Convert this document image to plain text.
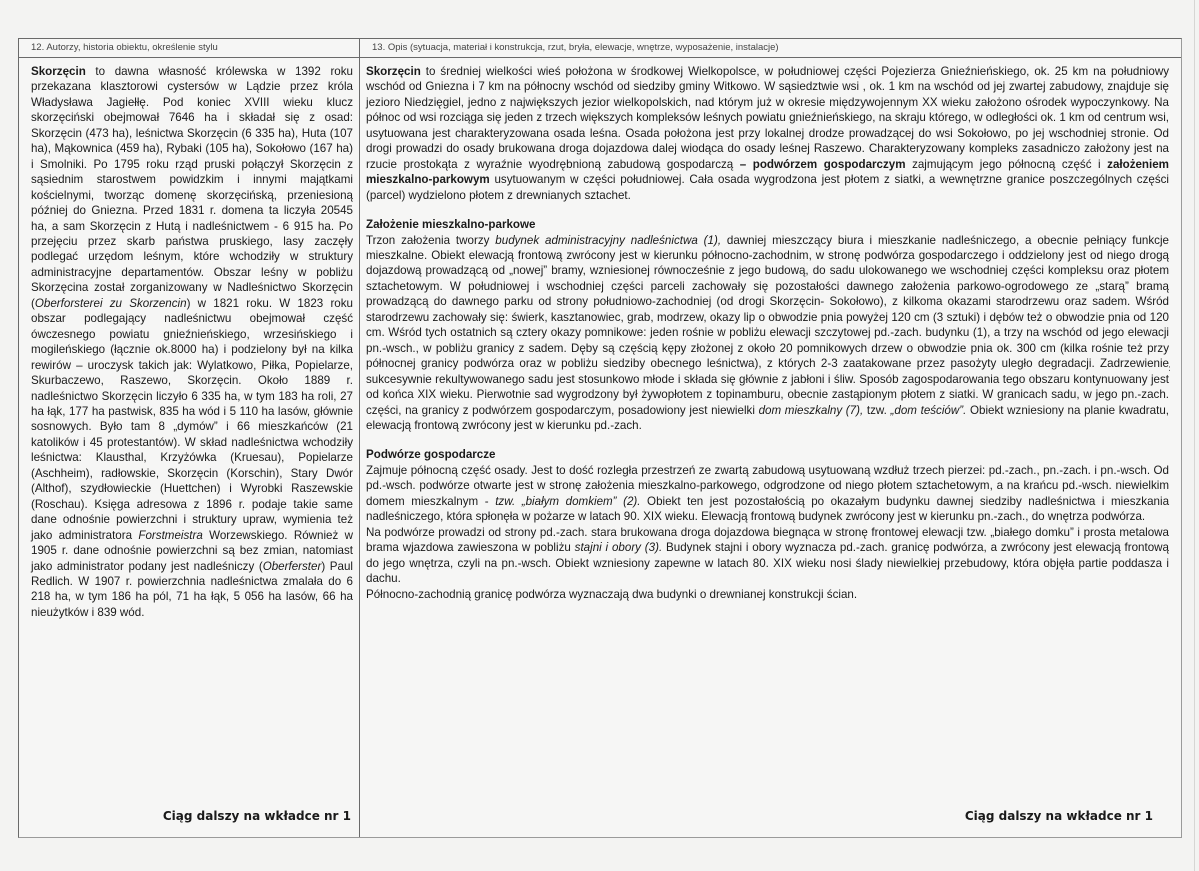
12. Autorzy, historia obiektu, określenie stylu

Skorzęcin to dawna własność królewska w 1392 roku przekazana klasztorowi cystersów w Lądzie przez króla Władysława Jagiełłę. Pod koniec XVIII wieku klucz skorzęciński obejmował 7646 ha i składał się z osad: Skorzęcin (473 ha), leśnictwa Skorzęcin (6 335 ha), Huta (107 ha), Mąkownica (459 ha), Rybaki (105 ha), Sokołowo (167 ha) i Smolniki. Po 1795 roku rząd pruski połączył Skorzęcin z sąsiednim starostwem powidzkim i innymi majątkami kościelnymi, tworząc domenę skorzęcińską, przeniesioną później do Gniezna. Przed 1831 r. domena ta liczyła 20545 ha, a sam Skorzęcin z Hutą i nadleśnictwem - 6 915 ha. Po przejęciu przez skarb państwa pruskiego, lasy zaczęły podlegać urzędom leśnym, które wchodziły w struktury administracyjne departamentów. Obszar leśny w pobliżu Skorzęcina został zorganizowany w Nadleśnictwo Skorzęcin (Oberforsterei zu Skorzencin) w 1821 roku. W 1823 roku obszar podlegający nadleśnictwu obejmował część ówczesnego powiatu gnieźnieńskiego, wrzesińskiego i mogileńskiego (łącznie ok.8000 ha) i podzielony był na kilka rewirów – uroczysk takich jak: Wylatkowo, Piłka, Popielarze, Skurbaczewo, Raszewo, Skorzęcin. Około 1889 r. nadleśnictwo Skorzęcin liczyło 6 335 ha, w tym 183 ha roli, 27 ha łąk, 177 ha pastwisk, 835 ha wód i 5 110 ha lasów, głównie sosnowych. Było tam 8 „dymów” i 66 mieszkańców (21 katolików i 45 protestantów). W skład nadleśnictwa wchodziły leśnictwa: Klausthal, Krzyżówka (Kruesau), Popielarze (Aschheim), radłowskie, Skorzęcin (Korschin), Stary Dwór (Althof), szydłowieckie (Huettchen) i Wyrobki Raszewskie (Roschau). Księga adresowa z 1896 r. podaje takie same dane odnośnie powierzchni i struktury upraw, wymienia też jako administratora Forstmeistra Worzewskiego. Również w 1905 r. dane odnośnie powierzchni są bez zmian, natomiast jako administrator podany jest nadleśniczy (Oberferster) Paul Redlich. W 1907 r. powierzchnia nadleśnictwa zmalała do 6 218 ha, w tym 186 ha pól, 71 ha łąk, 5 056 ha lasów, 66 ha nieużytków i 839 wód.

Ciąg dalszy na wkładce nr 1
13. Opis (sytuacja, materiał i konstrukcja, rzut, bryła, elewacje, wnętrze, wyposażenie, instalacje)

Skorzęcin to średniej wielkości wieś położona w środkowej Wielkopolsce, w południowej części Pojezierza Gnieźnieńskiego, ok. 25 km na południowy wschód od Gniezna i 7 km na północny wschód od siedziby gminy Witkowo. W sąsiedztwie wsi , ok. 1 km na wschód od jej zwartej zabudowy, znajduje się jezioro Niedzięgiel, jedno z największych jezior wielkopolskich, nad którym już w okresie międzywojennym XX wieku założono ośrodek wypoczynkowy. Na północ od wsi rozciąga się jeden z trzech większych kompleksów leśnych powiatu gnieźnieńskiego, na skraju którego, w odległości ok. 1 km od centrum wsi, usytuowana jest charakteryzowana osada leśna. Osada położona jest przy lokalnej drodze prowadzącej do wsi Sokołowo, po jej wschodniej stronie. Od drogi prowadzi do osady brukowana droga dojazdowa dalej wiodąca do osady leśnej Raszewo. Charakteryzowany kompleks zasadniczo założony jest na rzucie prostokąta z wyraźnie wyodrębnioną zabudową gospodarczą – podwórzem gospodarczym zajmującym jego północną część i założeniem mieszkalno-parkowym usytuowanym w części południowej. Cała osada wygrodzona jest płotem z siatki, a wewnętrzne granice poszczególnych części (parcel) wydzielono płotem z drewnianych sztachet.

Założenie mieszkalno-parkowe

Trzon założenia tworzy budynek administracyjny nadleśnictwa (1), dawniej mieszczący biura i mieszkanie nadleśniczego, a obecnie pełniący funkcje mieszkalne. Obiekt elewacją frontową zwrócony jest w kierunku północno-zachodnim, w stronę podwórza gospodarczego i oddzielony jest od niego drogą dojazdową prowadzącą od „nowej” bramy, wzniesionej równocześnie z jego budową, do sadu ulokowanego we wschodniej części kompleksu oraz płotem sztachetowym. W południowej i wschodniej części parceli zachowały się pozostałości dawnego założenia parkowo-ogrodowego ze „starą” bramą prowadzącą do dawnego parku od strony południowo-zachodniej (od drogi Skorzęcin- Sokołowo), z kilkoma okazami starodrzewu oraz sadem. Wśród starodrzewu zachowały się: świerk, kasztanowiec, grab, modrzew, okazy lip o obwodzie pnia powyżej 120 cm (3 sztuki) i dębów też o obwodzie pnia od 120 cm. Wśród tych ostatnich są cztery okazy pomnikowe: jeden rośnie w pobliżu elewacji szczytowej pd.-zach. budynku (1), a trzy na wschód od jego elewacji pn.-wsch., w pobliżu granicy z sadem. Dęby są częścią kępy złożonej z około 20 pomnikowych drzew o obwodzie pnia ok. 300 cm (kilka rośnie też przy północnej granicy podwórza oraz w pobliżu siedziby obecnego leśnictwa), z których 2-3 zaatakowane przez pasożyty uległo degradacji. Zadrzewienie sukcesywnie rekultywowanego sadu jest stosunkowo młode i składa się głównie z jabłoni i śliw. Sposób zagospodarowania tego obszaru kontynuowany jest od końca XIX wieku. Pierwotnie sad wygrodzony był żywopłotem z topinamburu, obecnie zastąpionym płotem z siatki. W granicach sadu, w jego pn.-zach. części, na granicy z podwórzem gospodarczym, posadowiony jest niewielki dom mieszkalny (7), tzw. „dom teściów”. Obiekt wzniesiony na planie kwadratu, elewacją frontową zwrócony jest w kierunku pd.-zach.

Podwórze gospodarcze

Zajmuje północną część osady. Jest to dość rozległa przestrzeń ze zwartą zabudową usytuowaną wzdłuż trzech pierzei: pd.-zach., pn.-zach. i pn.-wsch. Od pd.-wsch. podwórze otwarte jest w stronę założenia mieszkalno-parkowego, odgrodzone od niego płotem sztachetowym, a na krańcu pd.-wsch. niewielkim domem mieszkalnym - tzw. „białym domkiem” (2). Obiekt ten jest pozostałością po okazałym budynku dawnej siedziby nadleśnictwa i mieszkania nadleśniczego, która spłonęła w pożarze w latach 90. XIX wieku. Elewacją frontową budynek zwrócony jest w kierunku pn.-zach., do wnętrza podwórza.

Na podwórze prowadzi od strony pd.-zach. stara brukowana droga dojazdowa biegnąca w stronę frontowej elewacji tzw. „białego domku” i prosta metalowa brama wjazdowa zawieszona w pobliżu stajni i obory (3). Budynek stajni i obory wyznacza pd.-zach. granicę podwórza, a zwrócony jest elewacją frontową do jego wnętrza, czyli na pn.-wsch. Obiekt wzniesiony zapewne w latach 80. XIX wieku nosi ślady niewielkiej przebudowy, która objęła partie poddasza i dachu.

Północno-zachodnią granicę podwórza wyznaczają dwa budynki o drewnianej konstrukcji ścian.

:
Ciąg dalszy na wkładce nr 1
